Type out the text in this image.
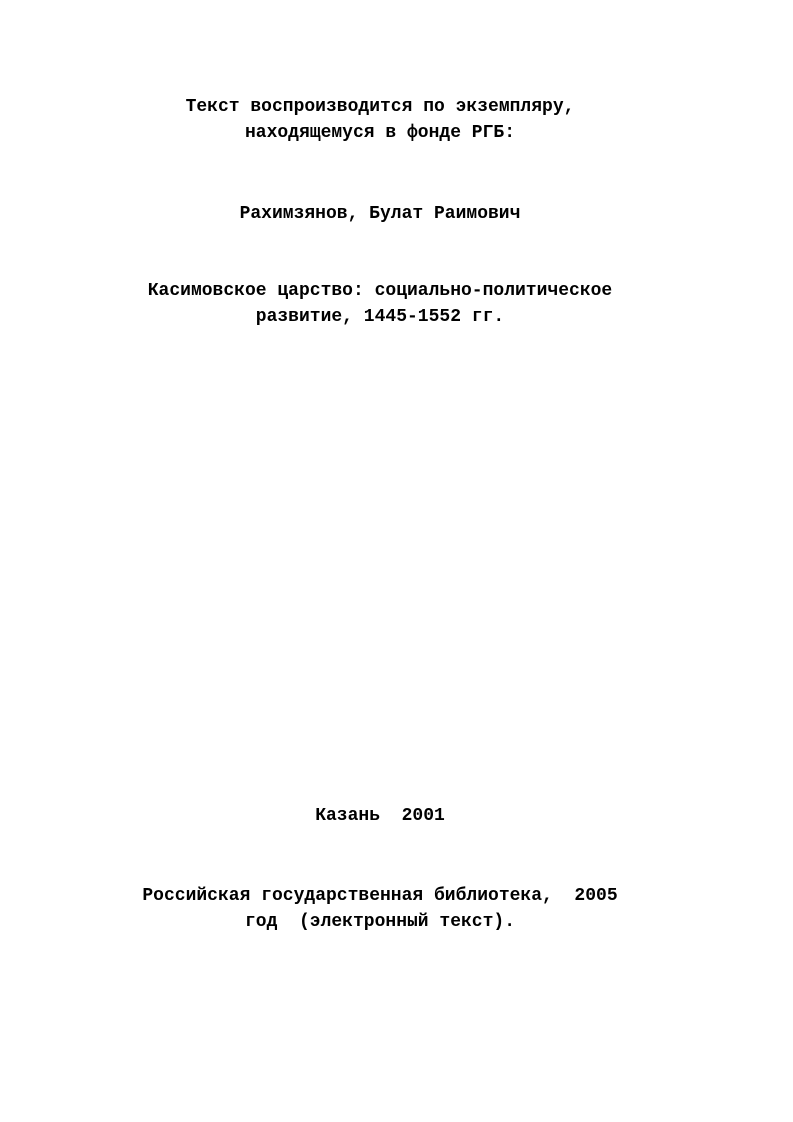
Текст воспроизводится по экземпляру,
находящемуся в фонде РГБ:
Рахимзянов, Булат Раимович
Касимовское царство: социально-политическое
развитие, 1445-1552 гг.
Казань  2001
Российская государственная библиотека,  2005
год  (электронный текст).
